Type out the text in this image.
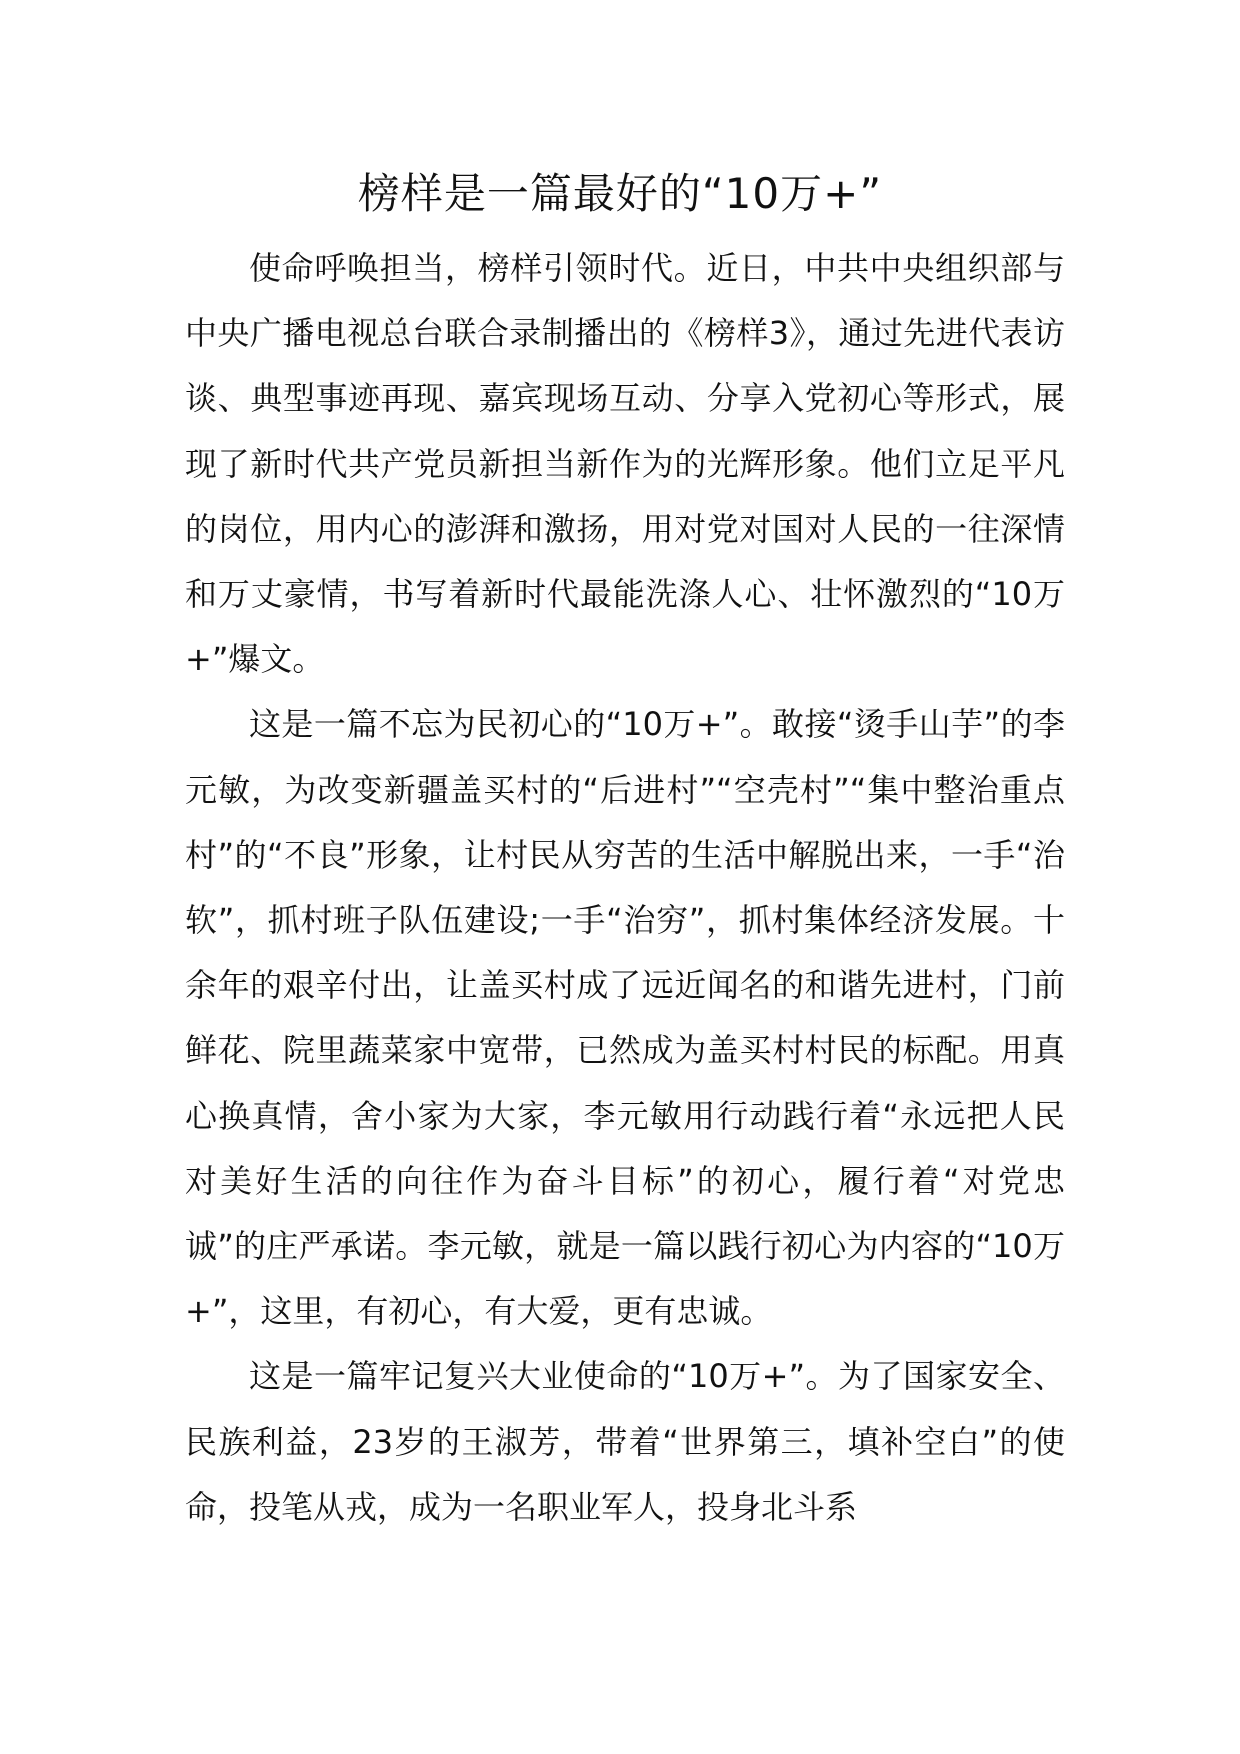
榜样是一篇最好的“10万+”

使命呼唤担当，榜样引领时代。近日，中共中央组织部与中央广播电视总台联合录制播出的《榜样3》，通过先进代表访谈、典型事迹再现、嘉宾现场互动、分享入党初心等形式，展现了新时代共产党员新担当新作为的光辉形象。他们立足平凡的岗位，用内心的澎湃和激扬，用对党对国对人民的一往深情和万丈豪情，书写着新时代最能洗涤人心、壮怀激烈的“10万+”爆文。

这是一篇不忘为民初心的“10万+”。敢接“烫手山芋”的李元敏，为改变新疆盖买村的“后进村”“空壳村”“集中整治重点村”的“不良”形象，让村民从穷苦的生活中解脱出来，一手“治软”，抓村班子队伍建设;一手“治穷”，抓村集体经济发展。十余年的艰辛付出，让盖买村成了远近闻名的和谐先进村，门前鲜花、院里蔬菜家中宽带，已然成为盖买村村民的标配。用真心换真情，舍小家为大家，李元敏用行动践行着“永远把人民对美好生活的向往作为奋斗目标”的初心，履行着“对党忠诚”的庄严承诺。李元敏，就是一篇以践行初心为内容的“10万+”，这里，有初心，有大爱，更有忠诚。

这是一篇牢记复兴大业使命的“10万+”。为了国家安全、民族利益，23岁的王淑芳，带着“世界第三，填补空白”的使命，投笔从戎，成为一名职业军人，投身北斗系
